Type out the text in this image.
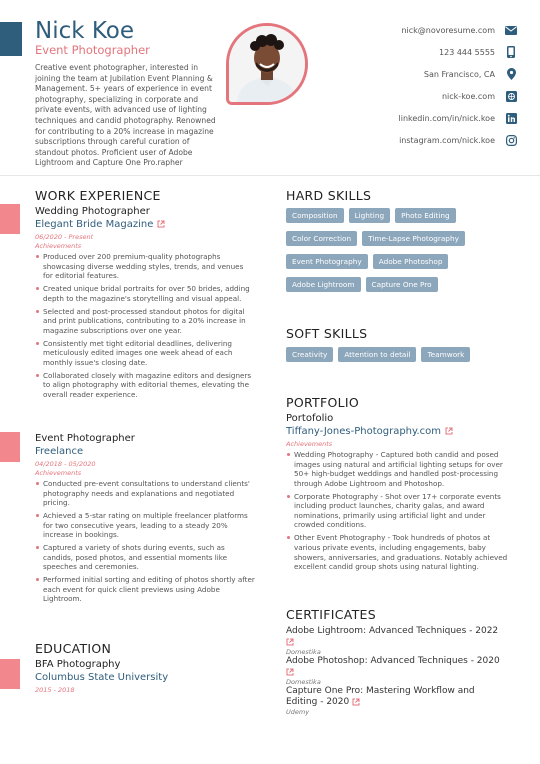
Nick Koe
Event Photographer
Creative event photographer, interested in joining the team at Jubilation Event Planning & Management. 5+ years of experience in event photography, specializing in corporate and private events, with advanced use of lighting techniques and candid photography. Renowned for contributing to a 20% increase in magazine subscriptions through careful curation of standout photos. Proficient user of Adobe Lightroom and Capture One Pro.rapher
nick@novoresume.com
123 444 5555
San Francisco, CA
nick-koe.com
linkedin.com/in/nick.koe
instagram.com/nick.koe
WORK EXPERIENCE
Wedding Photographer
Elegant Bride Magazine
06/2020 - Present
Achievements
Produced over 200 premium-quality photographs showcasing diverse wedding styles, trends, and venues for editorial features.
Created unique bridal portraits for over 50 brides, adding depth to the magazine's storytelling and visual appeal.
Selected and post-processed standout photos for digital and print publications, contributing to a 20% increase in magazine subscriptions over one year.
Consistently met tight editorial deadlines, delivering meticulously edited images one week ahead of each monthly issue's closing date.
Collaborated closely with magazine editors and designers to align photography with editorial themes, elevating the overall reader experience.
Event Photographer
Freelance
04/2018 - 05/2020
Achievements
Conducted pre-event consultations to understand clients' photography needs and explanations and negotiated pricing.
Achieved a 5-star rating on multiple freelancer platforms for two consecutive years, leading to a steady 20% increase in bookings.
Captured a variety of shots during events, such as candids, posed photos, and essential moments like speeches and ceremonies.
Performed initial sorting and editing of photos shortly after each event for quick client previews using Adobe Lightroom.
EDUCATION
BFA Photography
Columbus State University
2015 - 2018
HARD SKILLS
Composition	Lighting	Photo Editing
Color Correction	Time-Lapse Photography
Event Photography	Adobe Photoshop
Adobe Lightroom	Capture One Pro
SOFT SKILLS
Creativity	Attention to detail	Teamwork
PORTFOLIO
Portofolio
Tiffany-Jones-Photography.com
Achievements
Wedding Photography - Captured both candid and posed images using natural and artificial lighting setups for over 50+ high-budget weddings and handled post-processing through Adobe Lightroom and Photoshop.
Corporate Photography - Shot over 17+ corporate events including product launches, charity galas, and award nominations, primarily using artificial light and under crowded conditions.
Other Event Photography - Took hundreds of photos at various private events, including engagements, baby showers, anniversaries, and graduations. Notably achieved excellent candid group shots using natural lighting.
CERTIFICATES
Adobe Lightroom: Advanced Techniques - 2022
Domestika
Adobe Photoshop: Advanced Techniques - 2020
Domestika
Capture One Pro: Mastering Workflow and Editing - 2020
Udemy
